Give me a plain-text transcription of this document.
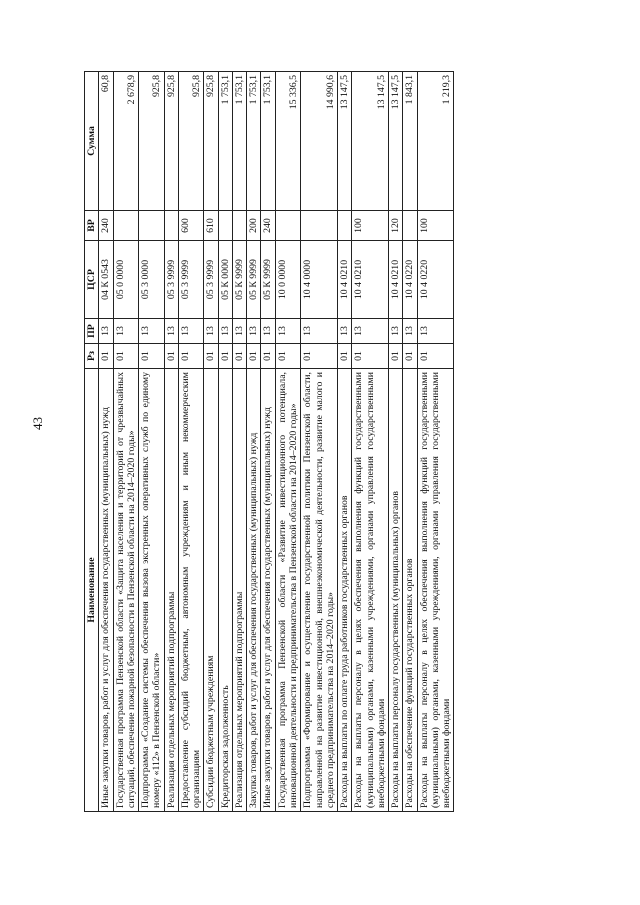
43
Наименование	Рз	ПР	ЦСР	ВР	Сумма
Иные закупки товаров, работ и услуг для обеспечения государственных (муниципальных) нужд	01	13	04 К 0543	240	60,8
Государственная программа Пензенской области «Защита населения и территорий от чрезвычайных ситуаций, обеспечение пожарной безопасности в Пензенской области на 2014–2020 годы»	01	13	05 0 0000		2 678,9
Подпрограмма «Создание системы обеспечения вызова экстренных оперативных служб по единому номеру «112» в Пензенской области»	01	13	05 3 0000		925,8
Реализация отдельных мероприятий подпрограммы	01	13	05 3 9999		925,8
Предоставление субсидий бюджетным, автономным учреждениям и иным некоммерческим организациям	01	13	05 3 9999	600	925,8
Субсидии бюджетным учреждениям	01	13	05 3 9999	610	925,8
Кредиторская задолженность	01	13	05 К 0000		1 753,1
Реализация отдельных мероприятий подпрограммы	01	13	05 К 9999		1 753,1
Закупка товаров, работ и услуг для обеспечения государственных (муниципальных) нужд	01	13	05 К 9999	200	1 753,1
Иные закупки товаров, работ и услуг для обеспечения государственных (муниципальных) нужд	01	13	05 К 9999	240	1 753,1
Государственная программа Пензенской области «Развитие инвестиционного потенциала, инновационной деятельности и предпринимательства в Пензенской области на 2014–2020 годы»	01	13	10 0 0000		15 336,5
Подпрограмма «Формирование и осуществление государственной политики Пензенской области, направленной на развитие инвестиционной, внешнеэкономической деятельности, развитие малого и среднего предпринимательства на 2014–2020 годы»	01	13	10 4 0000		14 990,6
Расходы на выплаты по оплате труда работников государственных органов	01	13	10 4 0210		13 147,5
Расходы на выплаты персоналу в целях обеспечения выполнения функций государственными (муниципальными) органами, казенными учреждениями, органами управления государственными внебюджетными фондами	01	13	10 4 0210	100	13 147,5
Расходы на выплаты персоналу государственных (муниципальных) органов	01	13	10 4 0210	120	13 147,5
Расходы на обеспечение функций государственных органов	01	13	10 4 0220		1 843,1
Расходы на выплаты персоналу в целях обеспечения выполнения функций государственными (муниципальными) органами, казенными учреждениями, органами управления государственными внебюджетными фондами	01	13	10 4 0220	100	1 219,3
